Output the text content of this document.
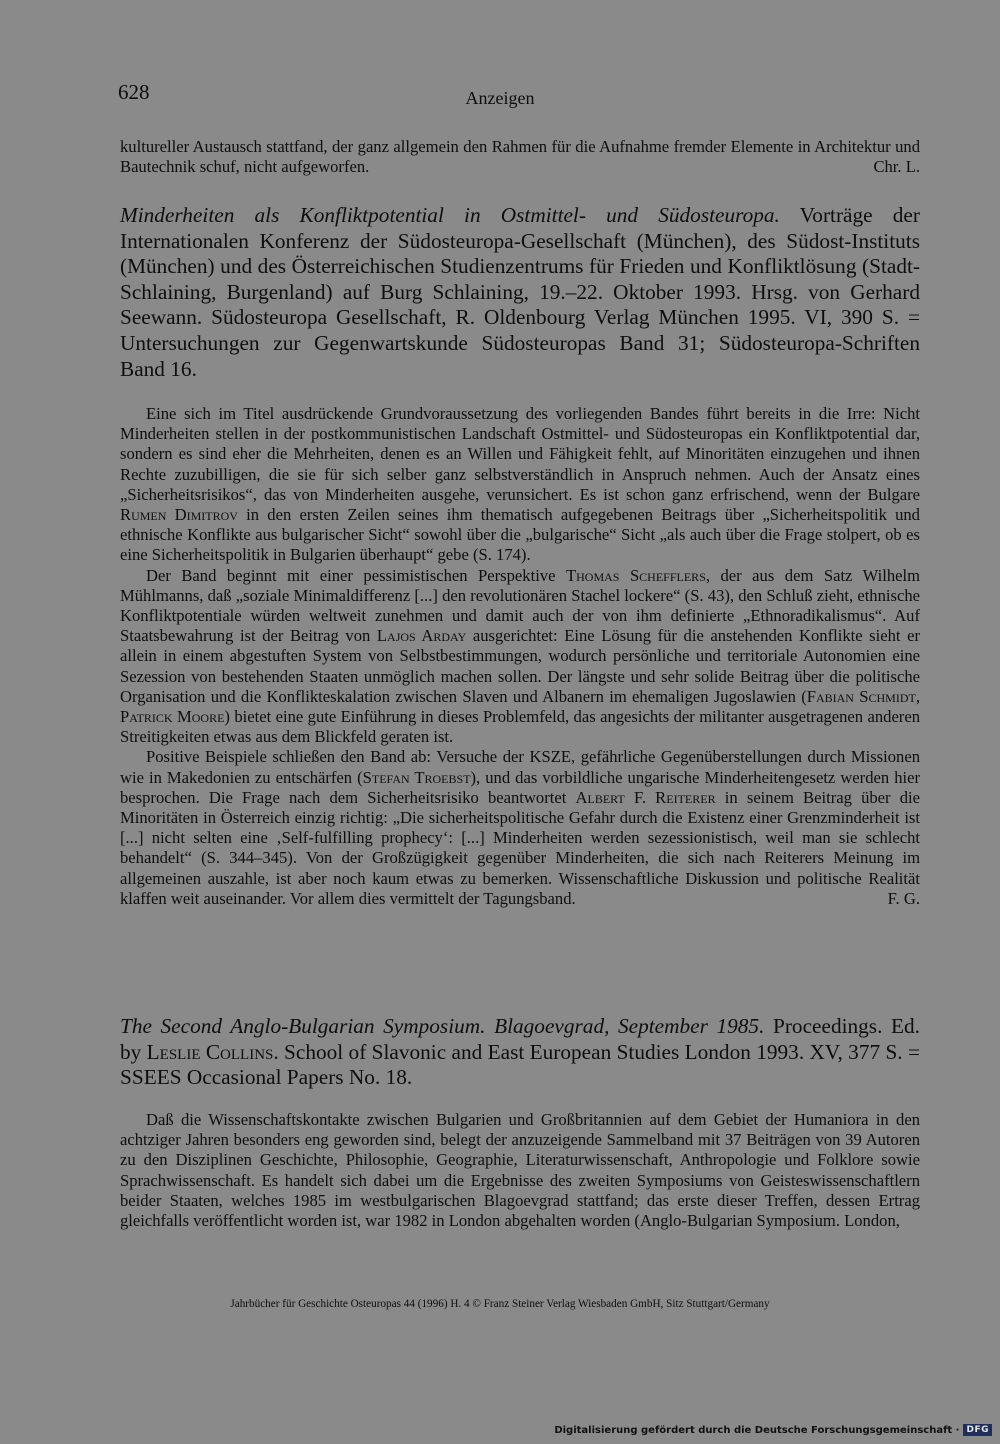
628	Anzeigen

kultureller Austausch stattfand, der ganz allgemein den Rahmen für die Aufnahme fremder Elemente in Architektur und Bautechnik schuf, nicht aufgeworfen.	Chr. L.

Minderheiten als Konfliktpotential in Ostmittel- und Südosteuropa. Vorträge der Internationalen Konferenz der Südosteuropa-Gesellschaft (München), des Südost-Instituts (München) und des Österreichischen Studienzentrums für Frieden und Konfliktlösung (Stadt-Schlaining, Burgenland) auf Burg Schlaining, 19.–22. Oktober 1993. Hrsg. von Gerhard Seewann. Südosteuropa Gesellschaft, R. Oldenbourg Verlag München 1995. VI, 390 S. = Untersuchungen zur Gegenwartskunde Südosteuropas Band 31; Südosteuropa-Schriften Band 16.

Eine sich im Titel ausdrückende Grundvoraussetzung des vorliegenden Bandes führt bereits in die Irre: Nicht Minderheiten stellen in der postkommunistischen Landschaft Ostmittel- und Südosteuropas ein Konfliktpotential dar, sondern es sind eher die Mehrheiten, denen es an Willen und Fähigkeit fehlt, auf Minoritäten einzugehen und ihnen Rechte zuzubilligen, die sie für sich selber ganz selbstverständlich in Anspruch nehmen. Auch der Ansatz eines „Sicherheitsrisikos“, das von Minderheiten ausgehe, verunsichert. Es ist schon ganz erfrischend, wenn der Bulgare Rumen Dimitrov in den ersten Zeilen seines ihm thematisch aufgegebenen Beitrags über „Sicherheitspolitik und ethnische Konflikte aus bulgarischer Sicht“ sowohl über die „bulgarische“ Sicht „als auch über die Frage stolpert, ob es eine Sicherheitspolitik in Bulgarien überhaupt“ gebe (S. 174).

Der Band beginnt mit einer pessimistischen Perspektive Thomas Schefflers, der aus dem Satz Wilhelm Mühlmanns, daß „soziale Minimaldifferenz [...] den revolutionären Stachel lockere“ (S. 43), den Schluß zieht, ethnische Konfliktpotentiale würden weltweit zunehmen und damit auch der von ihm definierte „Ethnoradikalismus“. Auf Staatsbewahrung ist der Beitrag von Lajos Arday ausgerichtet: Eine Lösung für die anstehenden Konflikte sieht er allein in einem abgestuften System von Selbstbestimmungen, wodurch persönliche und territoriale Autonomien eine Sezession von bestehenden Staaten unmöglich machen sollen. Der längste und sehr solide Beitrag über die politische Organisation und die Konflikteskalation zwischen Slaven und Albanern im ehemaligen Jugoslawien (Fabian Schmidt, Patrick Moore) bietet eine gute Einführung in dieses Problemfeld, das angesichts der militanter ausgetragenen anderen Streitigkeiten etwas aus dem Blickfeld geraten ist.

Positive Beispiele schließen den Band ab: Versuche der KSZE, gefährliche Gegenüberstellungen durch Missionen wie in Makedonien zu entschärfen (Stefan Troebst), und das vorbildliche ungarische Minderheitengesetz werden hier besprochen. Die Frage nach dem Sicherheitsrisiko beantwortet Albert F. Reiterer in seinem Beitrag über die Minoritäten in Österreich einzig richtig: „Die sicherheitspolitische Gefahr durch die Existenz einer Grenzminderheit ist [...] nicht selten eine ‚Self-fulfilling prophecy‘: [...] Minderheiten werden sezessionistisch, weil man sie schlecht behandelt“ (S. 344–345). Von der Großzügigkeit gegenüber Minderheiten, die sich nach Reiterers Meinung im allgemeinen auszahle, ist aber noch kaum etwas zu bemerken. Wissenschaftliche Diskussion und politische Realität klaffen weit auseinander. Vor allem dies vermittelt der Tagungsband.	F. G.

The Second Anglo-Bulgarian Symposium. Blagoevgrad, September 1985. Proceedings. Ed. by Leslie Collins. School of Slavonic and East European Studies London 1993. XV, 377 S. = SSEES Occasional Papers No. 18.

Daß die Wissenschaftskontakte zwischen Bulgarien und Großbritannien auf dem Gebiet der Humaniora in den achtziger Jahren besonders eng geworden sind, belegt der anzuzeigende Sammelband mit 37 Beiträgen von 39 Autoren zu den Disziplinen Geschichte, Philosophie, Geographie, Literaturwissenschaft, Anthropologie und Folklore sowie Sprachwissenschaft. Es handelt sich dabei um die Ergebnisse des zweiten Symposiums von Geisteswissenschaftlern beider Staaten, welches 1985 im westbulgarischen Blagoevgrad stattfand; das erste dieser Treffen, dessen Ertrag gleichfalls veröffentlicht worden ist, war 1982 in London abgehalten worden (Anglo-Bulgarian Symposium. London,

Jahrbücher für Geschichte Osteuropas 44 (1996) H. 4 © Franz Steiner Verlag Wiesbaden GmbH, Sitz Stuttgart/Germany
Digitalisierung gefördert durch die Deutsche Forschungsgemeinschaft · DFG
